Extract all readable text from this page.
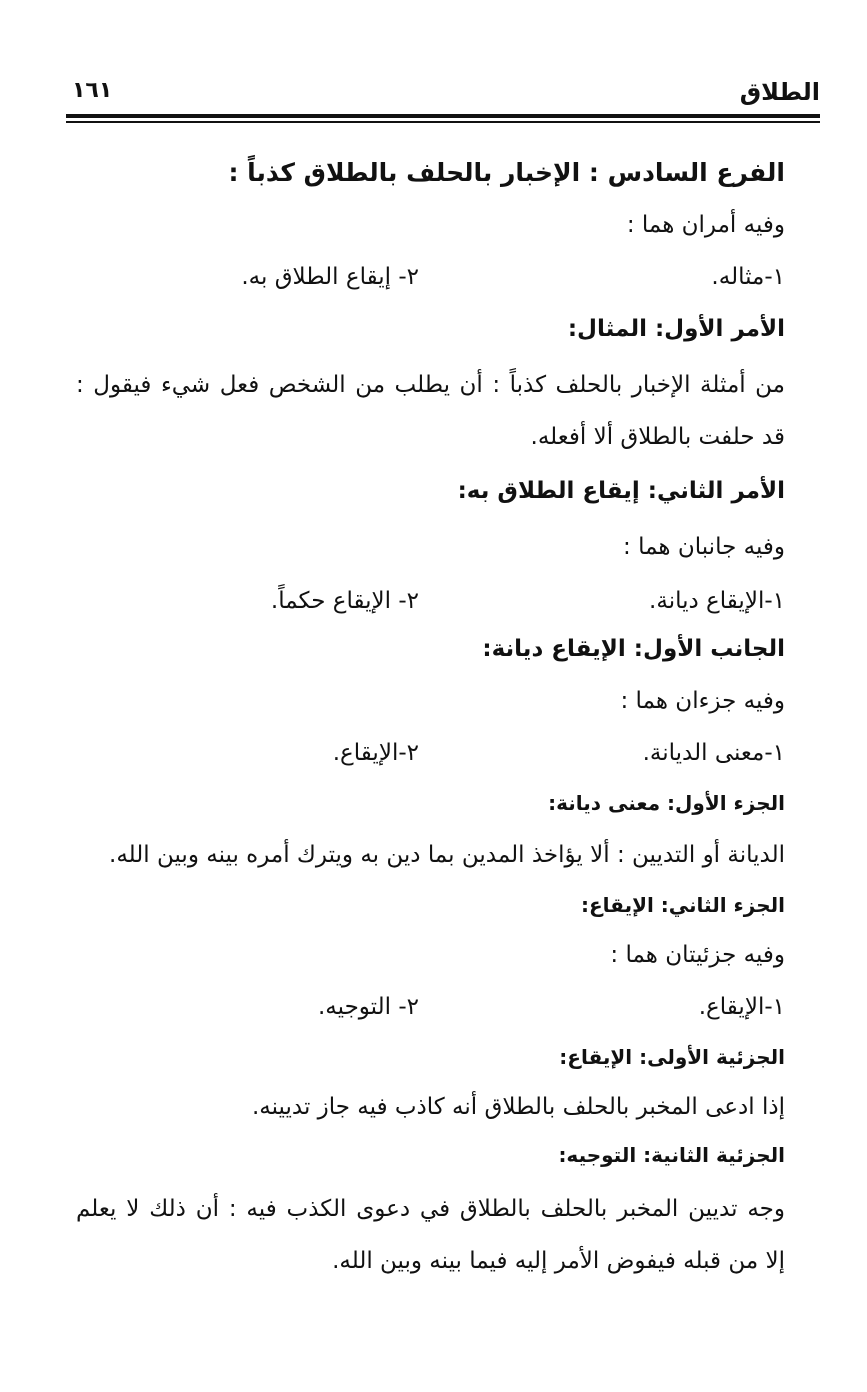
الطلاق
١٦١
الفرع السادس : الإخبار بالحلف بالطلاق كذباً :
وفيه أمران هما :
١-مثاله.
٢- إيقاع الطلاق به.
الأمر الأول: المثال:
من أمثلة الإخبار بالحلف كذباً : أن يطلب من الشخص فعل شيء فيقول :
قد حلفت بالطلاق ألا أفعله.
الأمر الثاني: إيقاع الطلاق به:
وفيه جانبان هما :
١-الإيقاع ديانة.
٢- الإيقاع حكماً.
الجانب الأول: الإيقاع ديانة:
وفيه جزءان هما :
١-معنى الديانة.
٢-الإيقاع.
الجزء الأول: معنى ديانة:
الديانة أو التديين : ألا يؤاخذ المدين بما دين به ويترك أمره بينه وبين الله.
الجزء الثاني: الإيقاع:
وفيه جزئيتان هما :
١-الإيقاع.
٢- التوجيه.
الجزئية الأولى: الإيقاع:
إذا ادعى المخبر بالحلف بالطلاق أنه كاذب فيه جاز تديينه.
الجزئية الثانية: التوجيه:
وجه تديين المخبر بالحلف بالطلاق في دعوى الكذب فيه : أن ذلك لا يعلم
إلا من قبله فيفوض الأمر إليه فيما بينه وبين الله.
